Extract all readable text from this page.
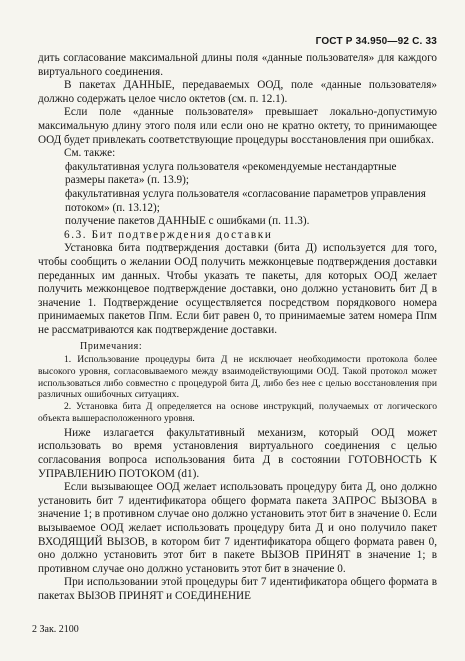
ГОСТ Р 34.950—92 С. 33

дить согласование максимальной длины поля «данные пользователя» для каждого виртуального соединения.

В пакетах ДАННЫЕ, передаваемых ООД, поле «данные пользователя» должно содержать целое число октетов (см. п. 12.1).

Если поле «данные пользователя» превышает локально-допустимую максимальную длину этого поля или если оно не кратно октету, то принимающее ООД будет привлекать соответствующие процедуры восстановления при ошибках.

См. также:

факультативная услуга пользователя «рекомендуемые нестандартные размеры пакета» (п. 13.9);

факультативная услуга пользователя «согласование параметров управления потоком» (п. 13.12);

получение пакетов ДАННЫЕ с ошибками (п. 11.3).

6.3. Бит подтверждения доставки

Установка бита подтверждения доставки (бита Д) используется для того, чтобы сообщить о желании ООД получить межконцевые подтверждения доставки переданных им данных. Чтобы указать те пакеты, для которых ООД желает получить межконцевое подтверждение доставки, оно должно установить бит Д в значение 1. Подтверждение осуществляется посредством порядкового номера принимаемых пакетов Ппм. Если бит равен 0, то принимаемые затем номера Ппм не рассматриваются как подтверждение доставки.

Примечания:

1. Использование процедуры бита Д не исключает необходимости протокола более высокого уровня, согласовываемого между взаимодействующими ООД. Такой протокол может использоваться либо совместно с процедурой бита Д, либо без нее с целью восстановления при различных ошибочных ситуациях.

2. Установка бита Д определяется на основе инструкций, получаемых от логического объекта вышерасположенного уровня.

Ниже излагается факультативный механизм, который ООД может использовать во время установления виртуального соединения с целью согласования вопроса использования бита Д в состоянии ГОТОВНОСТЬ К УПРАВЛЕНИЮ ПОТОКОМ (d1).

Если вызывающее ООД желает использовать процедуру бита Д, оно должно установить бит 7 идентификатора общего формата пакета ЗАПРОС ВЫЗОВА в значение 1; в противном случае оно должно установить этот бит в значение 0. Если вызываемое ООД желает использовать процедуру бита Д и оно получило пакет ВХОДЯЩИЙ ВЫЗОВ, в котором бит 7 идентификатора общего формата равен 0, оно должно установить этот бит в пакете ВЫЗОВ ПРИНЯТ в значение 1; в противном случае оно должно установить этот бит в значение 0.

При использовании этой процедуры бит 7 идентификатора общего формата в пакетах ВЫЗОВ ПРИНЯТ и СОЕДИНЕНИЕ

2 Зак. 2100
